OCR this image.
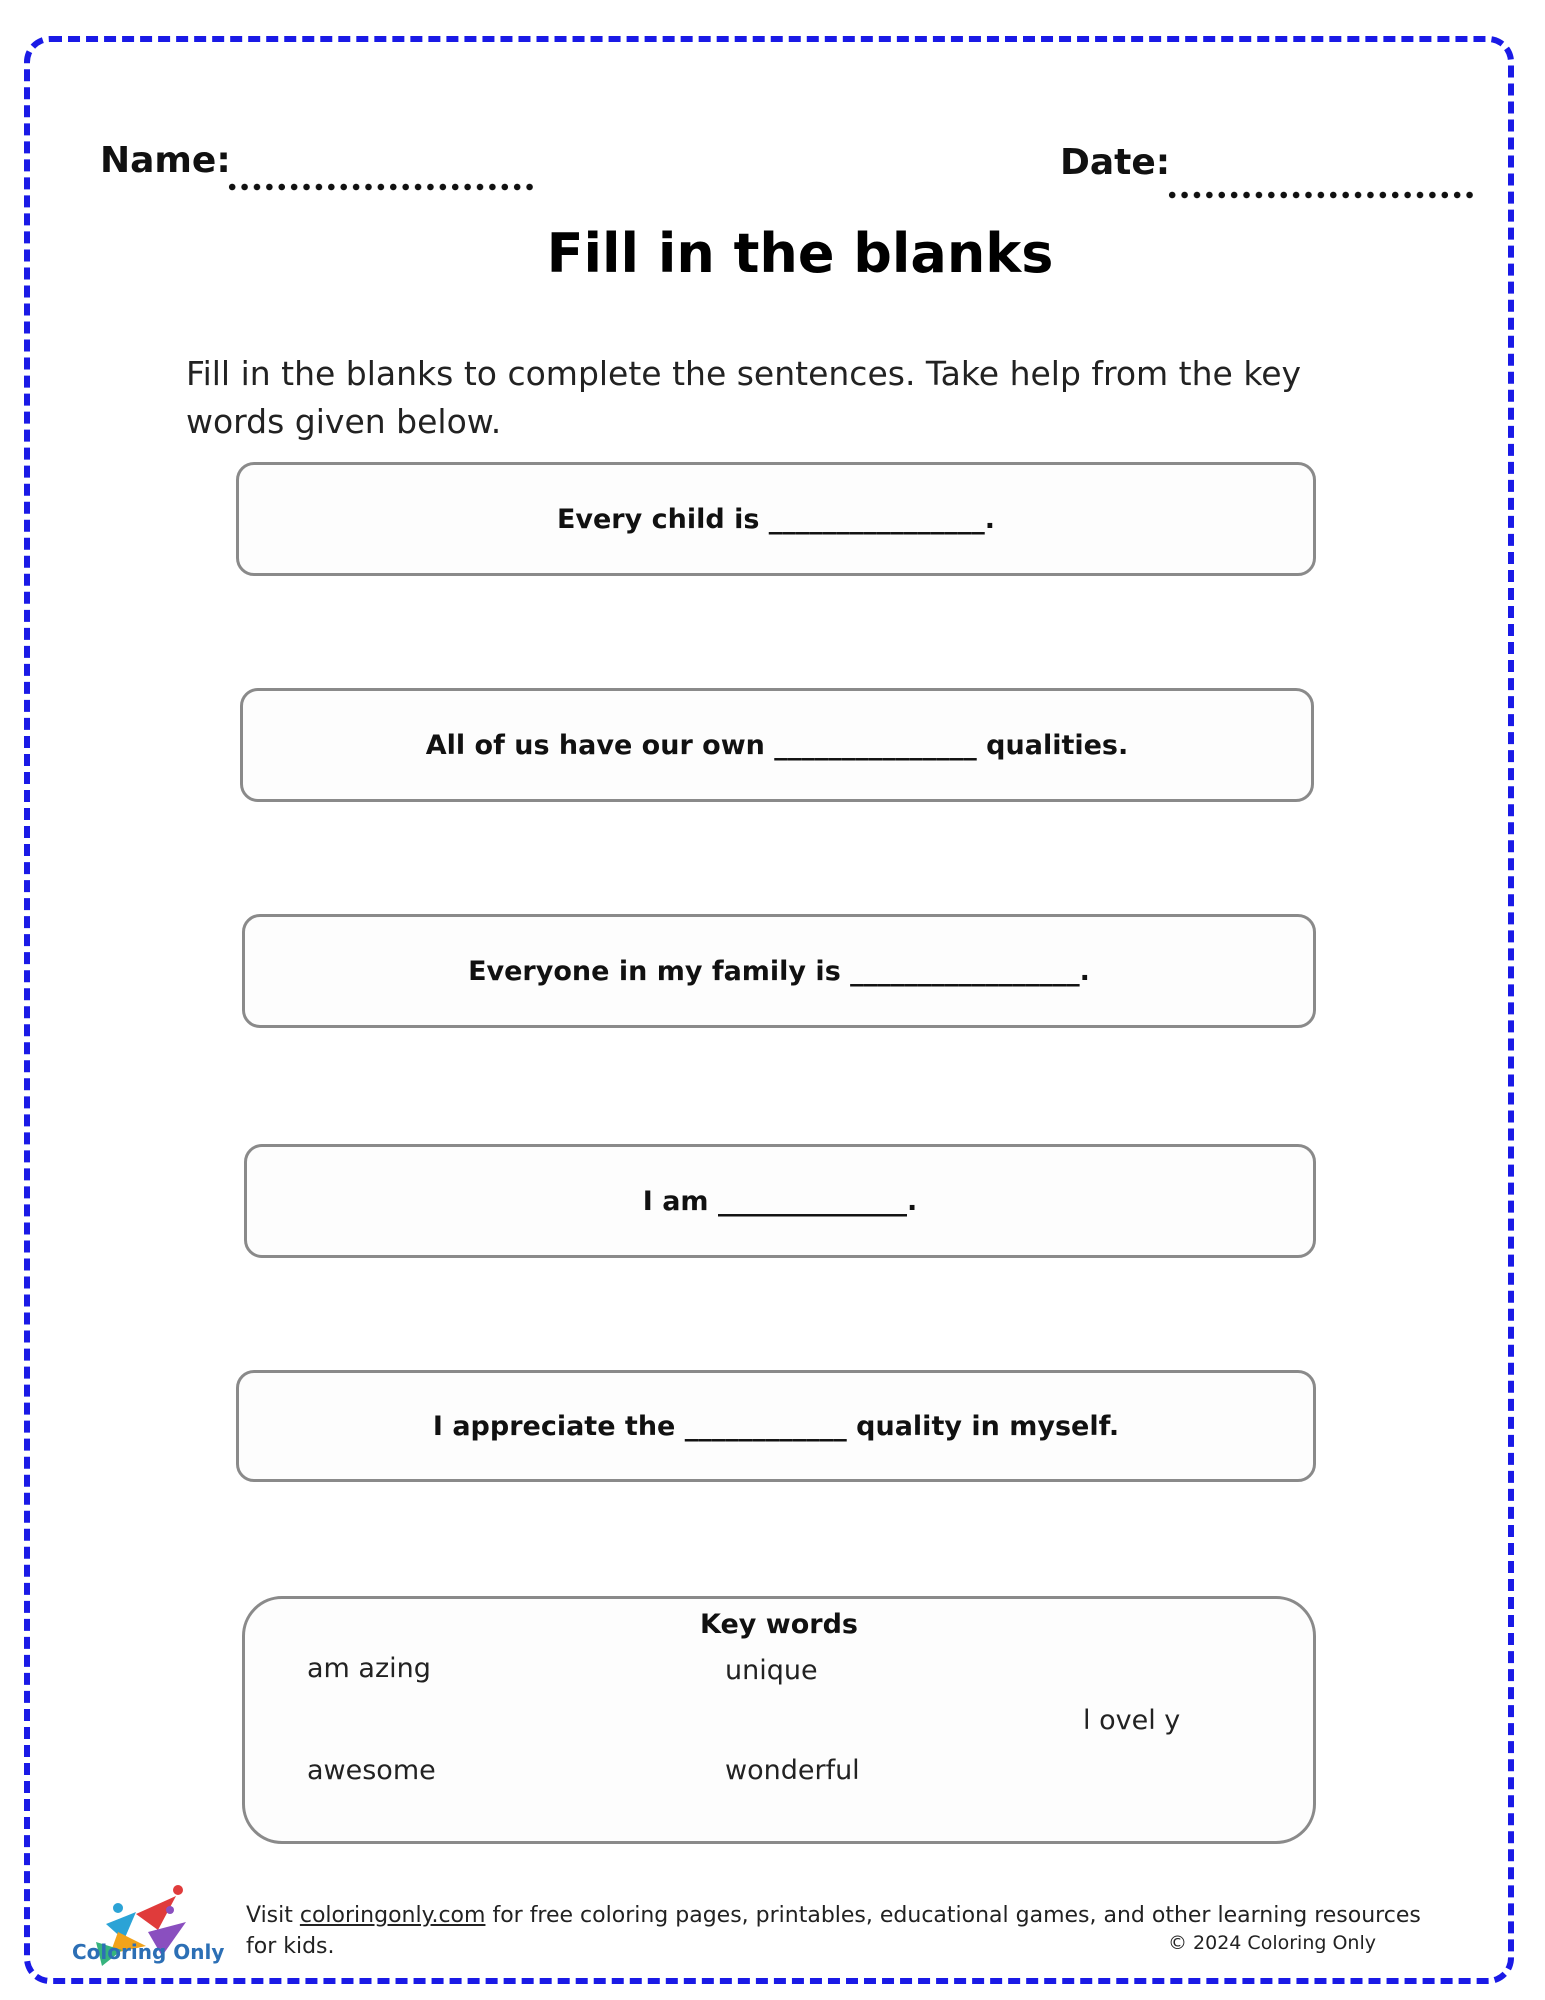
Name:	Date:
Fill in the blanks
Fill in the blanks to complete the sentences. Take help from the key words given below.
Every child is ________________.
All of us have our own _______________ qualities.
Everyone in my family is _________________.
I am ______________.
I appreciate the ____________ quality in myself.
Key words
am azing	unique
l ovel y
awesome	wonderful
Coloring Only
Visit coloringonly.com for free coloring pages, printables, educational games, and other learning resources for kids.	© 2024 Coloring Only
